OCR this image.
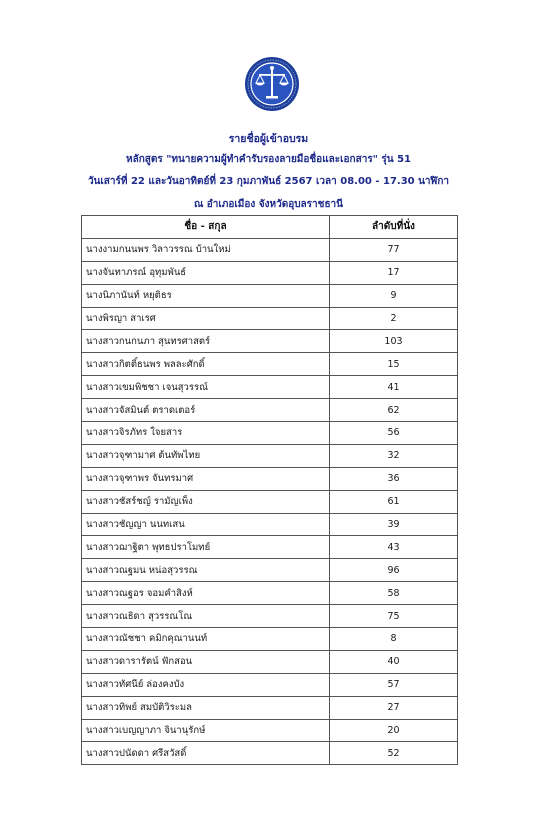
รายชื่อผู้เข้าอบรม
หลักสูตร "ทนายความผู้ทำคำรับรองลายมือชื่อและเอกสาร" รุ่น 51
วันเสาร์ที่ 22 และวันอาทิตย์ที่ 23 กุมภาพันธ์ 2567 เวลา 08.00 - 17.30 นาฬิกา
ณ อำเภอเมือง จังหวัดอุบลราชธานี
ชื่อ - สกุล	ลำดับที่นั่ง
นางงามกนนพร วิลาวรรณ บ้านใหม่	77
นางจันทาภรณ์ อุทุมพันธ์	17
นางนิภานันท์ หยุติธร	9
นางพิรญา สาเรศ	2
นางสาวกนกนภา สุนทรศาสตร์	103
นางสาวกิตติ์ธนพร พลละศักดิ์	15
นางสาวเขมพิชชา เจนสุวรรณ์	41
นางสาวจัสมินต์ ตราดเตอร์	62
นางสาวจิรภัทร ใจยสาร	56
นางสาวจุฑามาศ ต้นทัพไทย	32
นางสาวจุฑาพร จันทรมาศ	36
นางสาวชัสร์ชญ์ รามัญเพ็ง	61
นางสาวชัญญา นนทเสน	39
นางสาวฌาฐิตา พุทธปราโมทย์	43
นางสาวณฐมน หน่อสุวรรณ	96
นางสาวณฐอร จอมคำสิงห์	58
นางสาวณธิดา สุวรรณโณ	75
นางสาวณัชชา คมิกคุณานนท์	8
นางสาวดารารัตน์ ฟักสอน	40
นางสาวทัศนีย์ ล่องคงบัง	57
นางสาวทิพย์ สมบัติวิระมล	27
นางสาวเบญญาภา จินานุรักษ์	20
นางสาวปนัดดา ศรีสวัสดิ์	52
